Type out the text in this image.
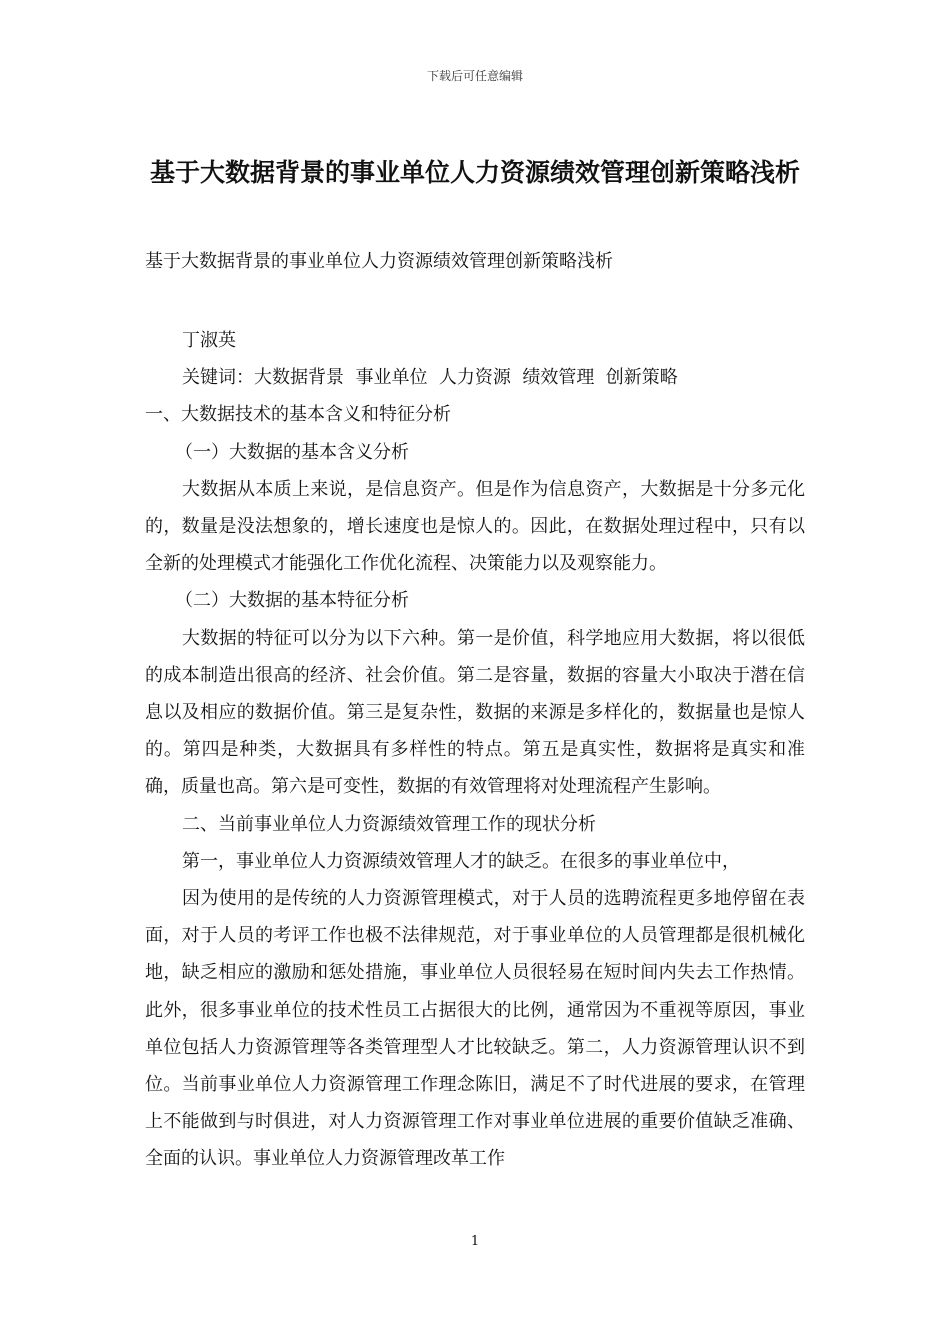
下载后可任意编辑
基于大数据背景的事业单位人力资源绩效管理创新策略浅析
基于大数据背景的事业单位人力资源绩效管理创新策略浅析

丁淑英

关键词：大数据背景  事业单位  人力资源  绩效管理  创新策略

一、大数据技术的基本含义和特征分析

（一）大数据的基本含义分析

大数据从本质上来说，是信息资产。但是作为信息资产，大数据是十分多元化的，数量是没法想象的，增长速度也是惊人的。因此，在数据处理过程中，只有以全新的处理模式才能强化工作优化流程、决策能力以及观察能力。

（二）大数据的基本特征分析

大数据的特征可以分为以下六种。第一是价值，科学地应用大数据，将以很低的成本制造出很高的经济、社会价值。第二是容量，数据的容量大小取决于潜在信息以及相应的数据价值。第三是复杂性，数据的来源是多样化的，数据量也是惊人的。第四是种类，大数据具有多样性的特点。第五是真实性，数据将是真实和准确，质量也高。第六是可变性，数据的有效管理将对处理流程产生影响。

二、当前事业单位人力资源绩效管理工作的现状分析

第一，事业单位人力资源绩效管理人才的缺乏。在很多的事业单位中，

因为使用的是传统的人力资源管理模式，对于人员的选聘流程更多地停留在表面，对于人员的考评工作也极不法律规范，对于事业单位的人员管理都是很机械化地，缺乏相应的激励和惩处措施，事业单位人员很轻易在短时间内失去工作热情。此外，很多事业单位的技术性员工占据很大的比例，通常因为不重视等原因，事业单位包括人力资源管理等各类管理型人才比较缺乏。第二，人力资源管理认识不到位。当前事业单位人力资源管理工作理念陈旧，满足不了时代进展的要求，在管理上不能做到与时俱进，对人力资源管理工作对事业单位进展的重要价值缺乏准确、全面的认识。事业单位人力资源管理改革工作

1
